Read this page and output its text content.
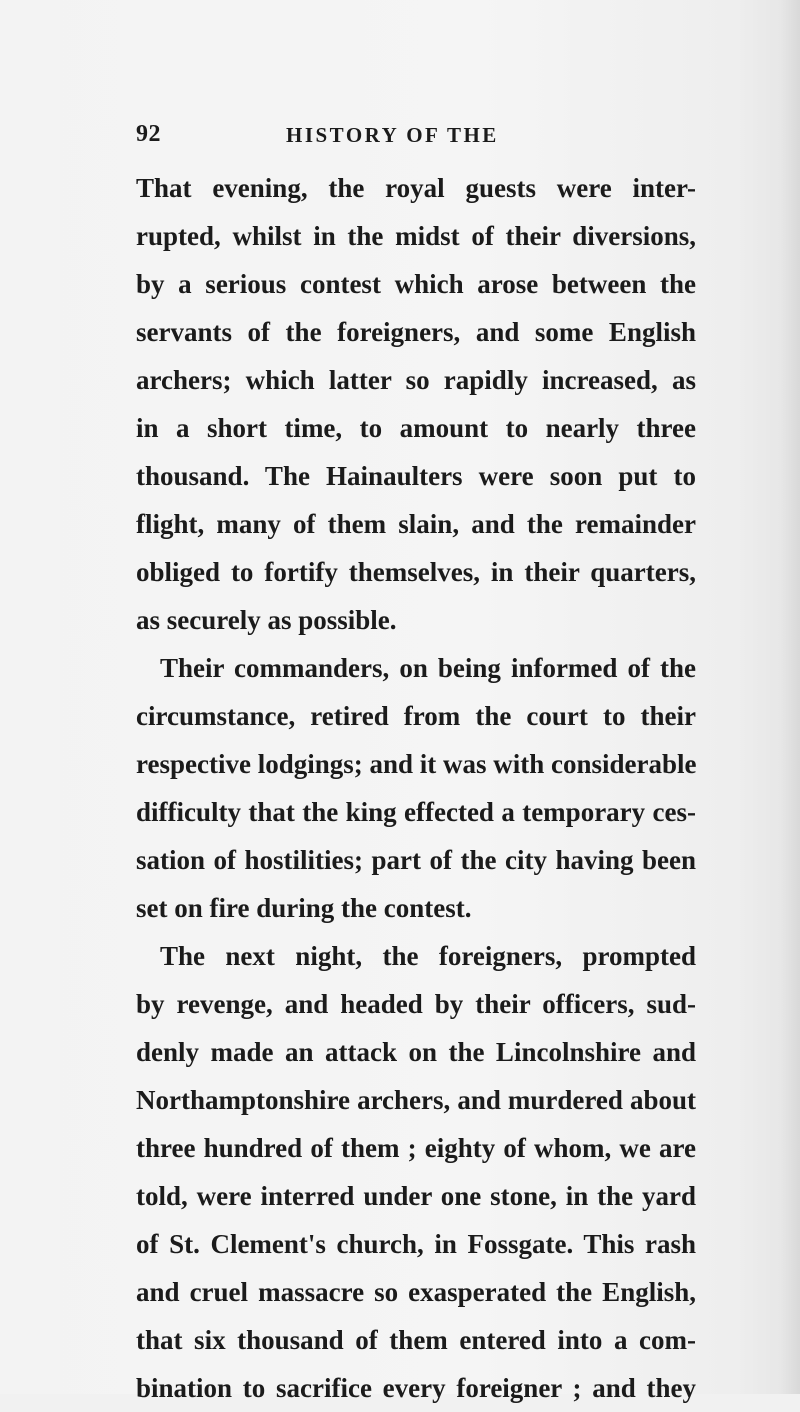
92	HISTORY OF THE
That evening, the royal guests were inter-
rupted, whilst in the midst of their diversions,
by a serious contest which arose between the
servants of the foreigners, and some English
archers; which latter so rapidly increased, as
in a short time, to amount to nearly three
thousand. The Hainaulters were soon put to
flight, many of them slain, and the remainder
obliged to fortify themselves, in their quarters,
as securely as possible.
Their commanders, on being informed of the
circumstance, retired from the court to their
respective lodgings; and it was with considerable
difficulty that the king effected a temporary ces-
sation of hostilities; part of the city having been
set on fire during the contest.
The next night, the foreigners, prompted
by revenge, and headed by their officers, sud-
denly made an attack on the Lincolnshire and
Northamptonshire archers, and murdered about
three hundred of them ; eighty of whom, we are
told, were interred under one stone, in the yard
of St. Clement's church, in Fossgate. This rash
and cruel massacre so exasperated the English,
that six thousand of them entered into a com-
bination to sacrifice every foreigner ; and they
